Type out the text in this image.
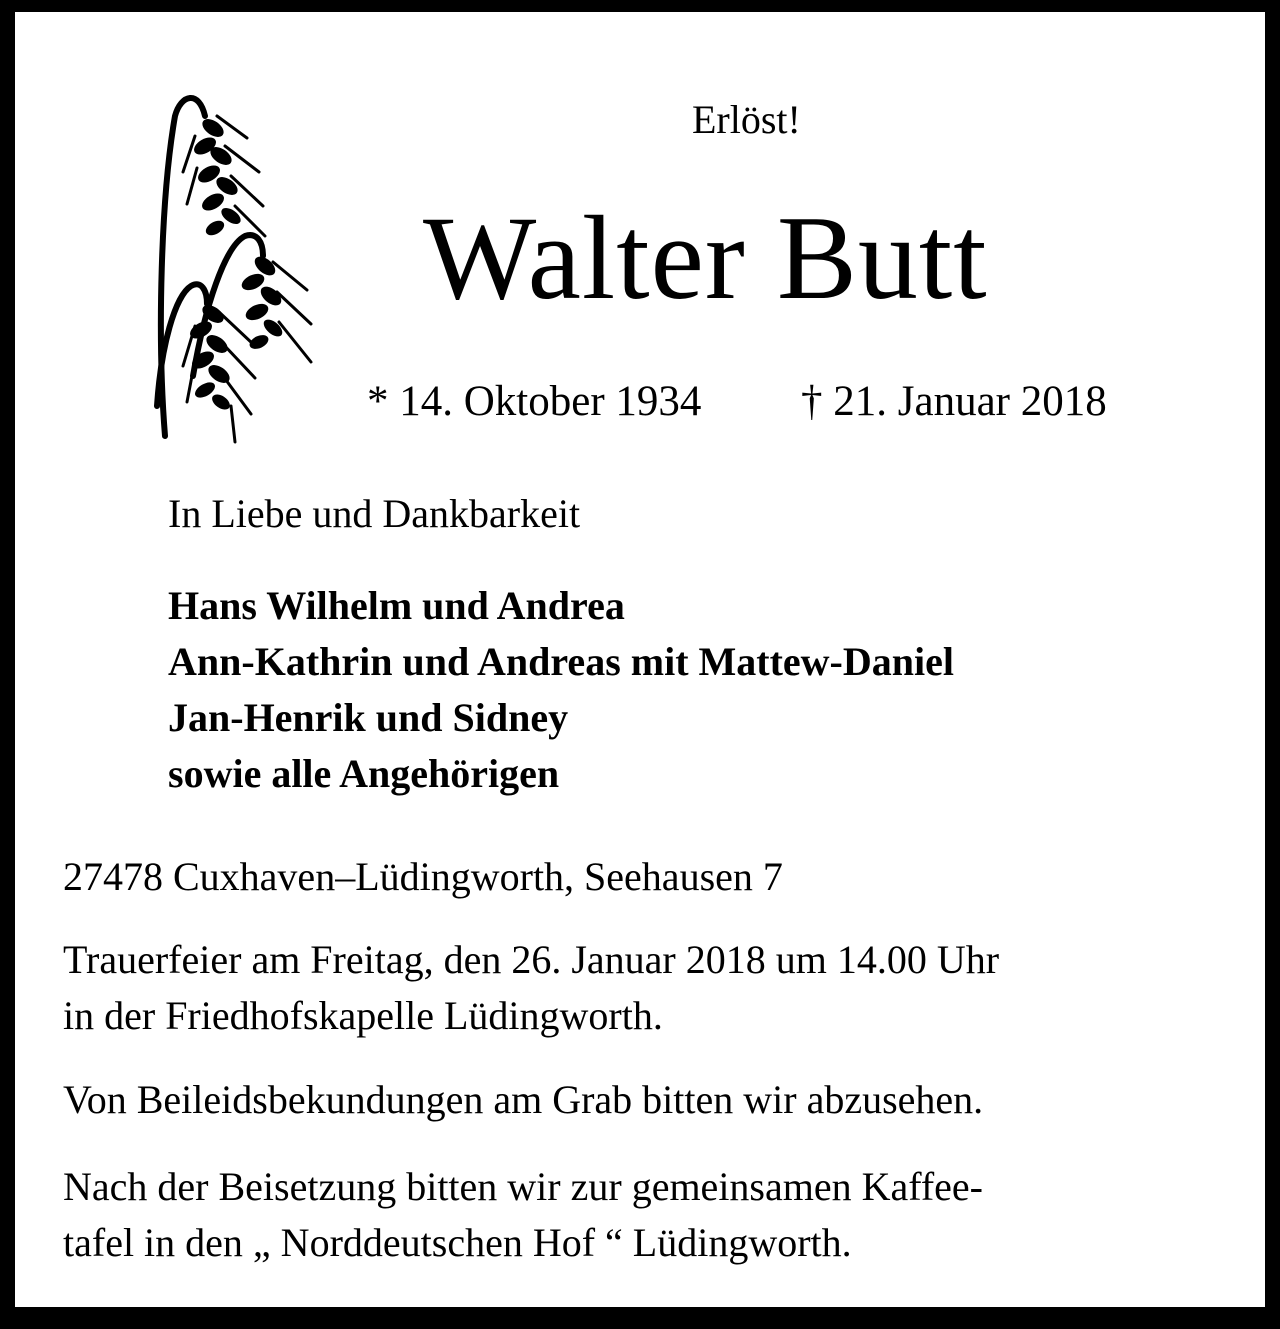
Erlöst!
Walter Butt
* 14. Oktober 1934 † 21. Januar 2018
In Liebe und Dankbarkeit
Hans Wilhelm und Andrea
Ann-Kathrin und Andreas mit Mattew-Daniel
Jan-Henrik und Sidney
sowie alle Angehörigen
27478 Cuxhaven–Lüdingworth, Seehausen 7
Trauerfeier am Freitag, den 26. Januar 2018 um 14.00 Uhr
in der Friedhofskapelle Lüdingworth.
Von Beileidsbekundungen am Grab bitten wir abzusehen.
Nach der Beisetzung bitten wir zur gemeinsamen Kaffee-
tafel in den „ Norddeutschen Hof “ Lüdingworth.
